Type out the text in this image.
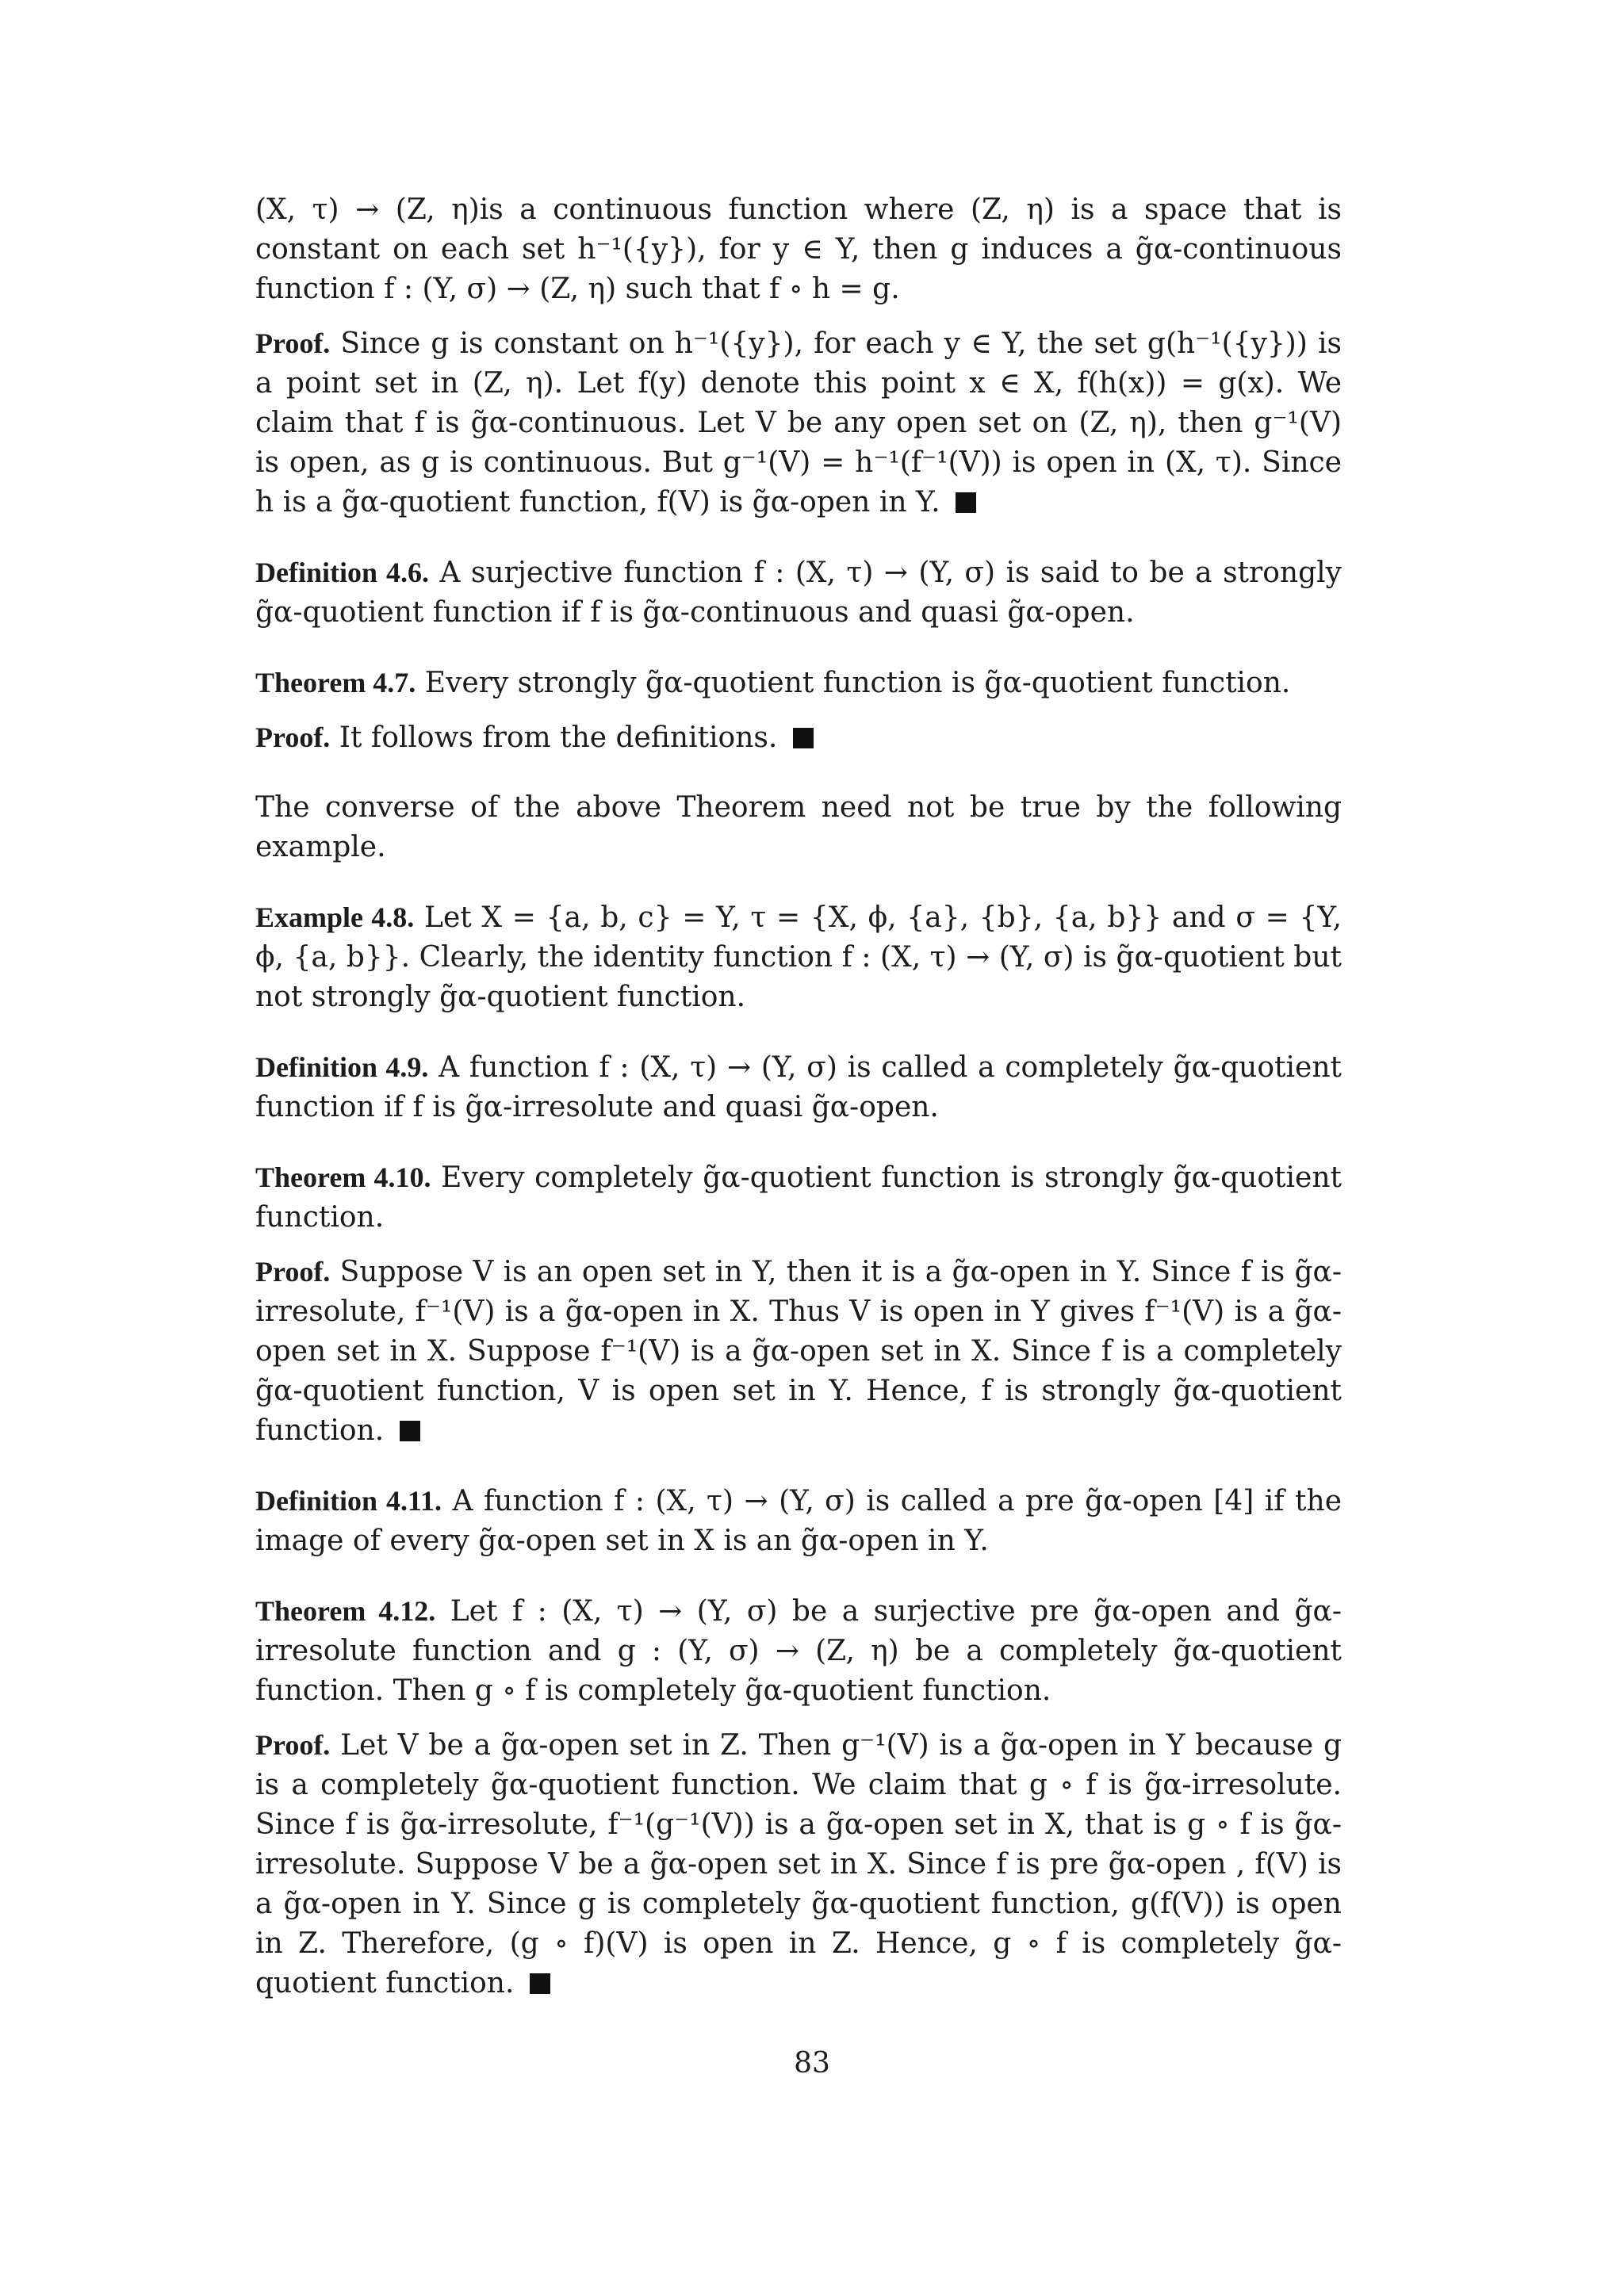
(X, τ) → (Z, η)is a continuous function where (Z, η) is a space that is constant on each set h⁻¹({y}), for y ∈ Y, then g induces a g̃α-continuous function f : (Y, σ) → (Z, η) such that f ∘ h = g.

Proof. Since g is constant on h⁻¹({y}), for each y ∈ Y, the set g(h⁻¹({y})) is a point set in (Z, η). Let f(y) denote this point x ∈ X, f(h(x)) = g(x). We claim that f is g̃α-continuous. Let V be any open set on (Z, η), then g⁻¹(V) is open, as g is continuous. But g⁻¹(V) = h⁻¹(f⁻¹(V)) is open in (X, τ). Since h is a g̃α-quotient function, f(V) is g̃α-open in Y.

Definition 4.6. A surjective function f : (X, τ) → (Y, σ) is said to be a strongly g̃α-quotient function if f is g̃α-continuous and quasi g̃α-open.

Theorem 4.7. Every strongly g̃α-quotient function is g̃α-quotient function.

Proof. It follows from the definitions.

The converse of the above Theorem need not be true by the following example.

Example 4.8. Let X = {a, b, c} = Y, τ = {X, ϕ, {a}, {b}, {a, b}} and σ = {Y, ϕ, {a, b}}. Clearly, the identity function f : (X, τ) → (Y, σ) is g̃α-quotient but not strongly g̃α-quotient function.

Definition 4.9. A function f : (X, τ) → (Y, σ) is called a completely g̃α-quotient function if f is g̃α-irresolute and quasi g̃α-open.

Theorem 4.10. Every completely g̃α-quotient function is strongly g̃α-quotient function.

Proof. Suppose V is an open set in Y, then it is a g̃α-open in Y. Since f is g̃α-irresolute, f⁻¹(V) is a g̃α-open in X. Thus V is open in Y gives f⁻¹(V) is a g̃α-open set in X. Suppose f⁻¹(V) is a g̃α-open set in X. Since f is a completely g̃α-quotient function, V is open set in Y. Hence, f is strongly g̃α-quotient function.

Definition 4.11. A function f : (X, τ) → (Y, σ) is called a pre g̃α-open [4] if the image of every g̃α-open set in X is an g̃α-open in Y.

Theorem 4.12. Let f : (X, τ) → (Y, σ) be a surjective pre g̃α-open and g̃α-irresolute function and g : (Y, σ) → (Z, η) be a completely g̃α-quotient function. Then g ∘ f is completely g̃α-quotient function.

Proof. Let V be a g̃α-open set in Z. Then g⁻¹(V) is a g̃α-open in Y because g is a completely g̃α-quotient function. We claim that g ∘ f is g̃α-irresolute. Since f is g̃α-irresolute, f⁻¹(g⁻¹(V)) is a g̃α-open set in X, that is g ∘ f is g̃α-irresolute. Suppose V be a g̃α-open set in X. Since f is pre g̃α-open , f(V) is a g̃α-open in Y. Since g is completely g̃α-quotient function, g(f(V)) is open in Z. Therefore, (g ∘ f)(V) is open in Z. Hence, g ∘ f is completely g̃α-quotient function.

83
